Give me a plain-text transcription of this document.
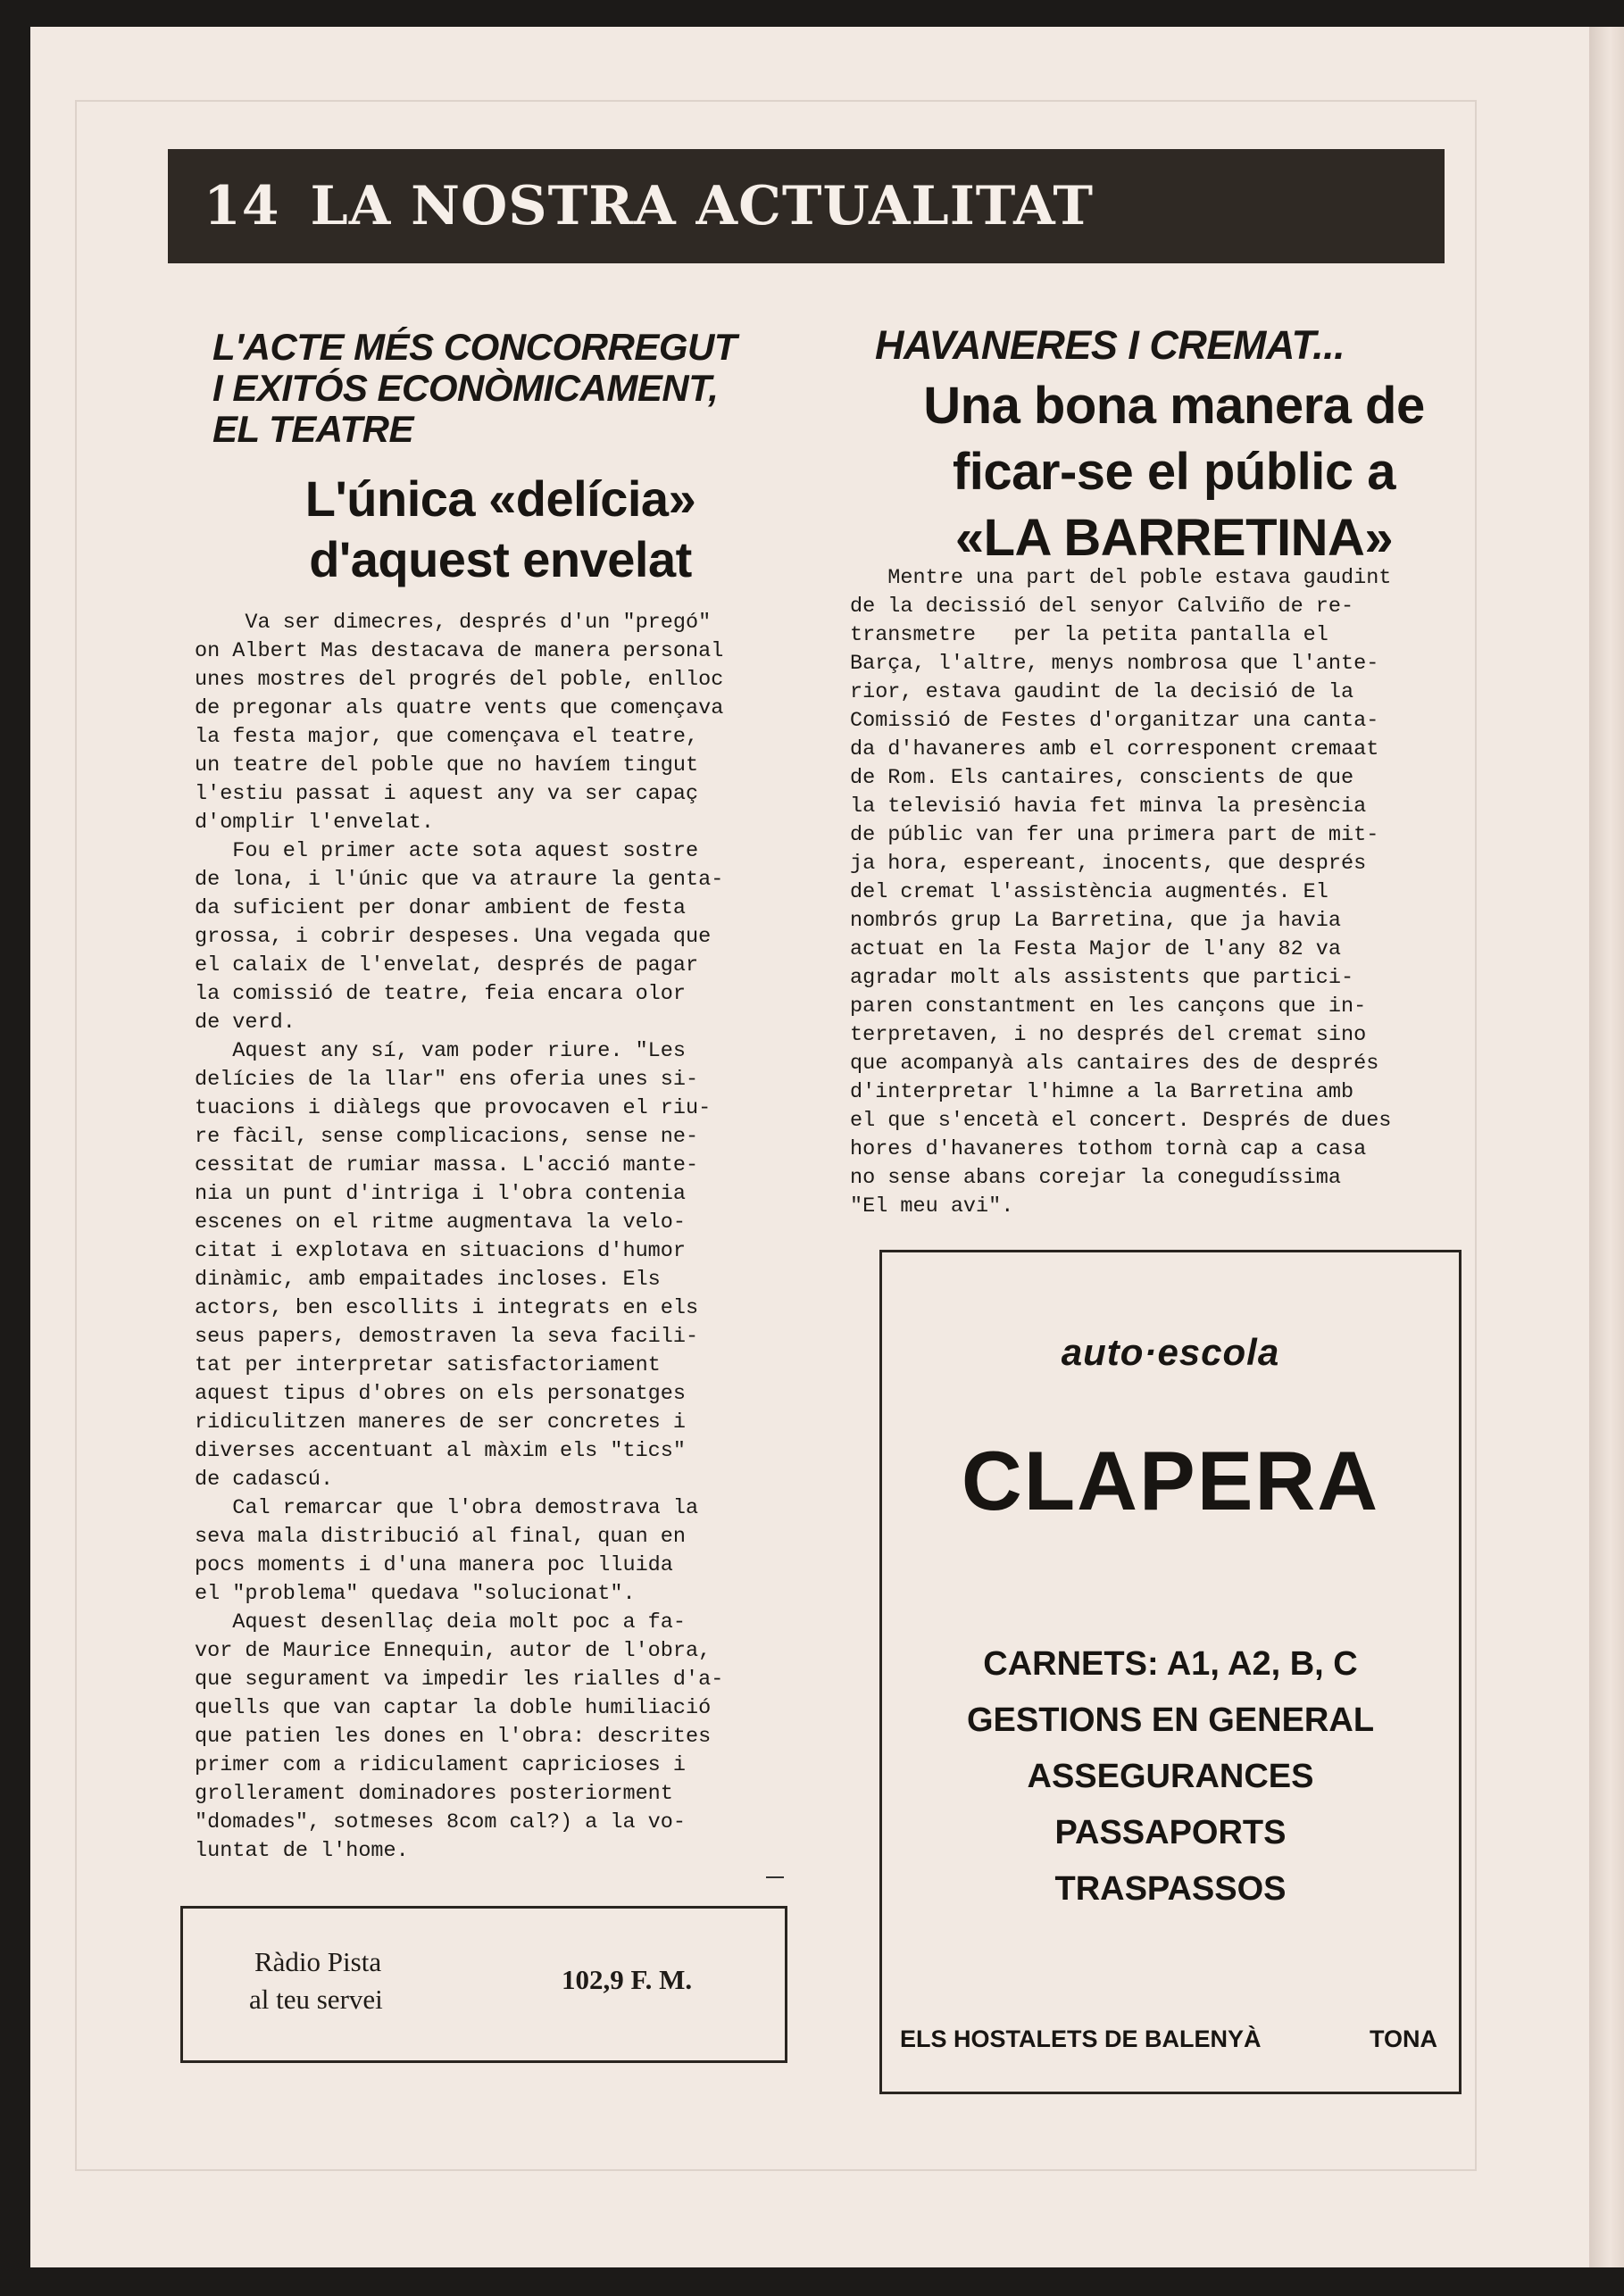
14 LA NOSTRA ACTUALITAT
L'ACTE MÉS CONCORREGUT
I EXITÓS ECONÒMICAMENT,
EL TEATRE
L'única «delícia»
d'aquest envelat
Va ser dimecres, després d'un "pregó"
on Albert Mas destacava de manera personal
unes mostres del progrés del poble, enlloc
de pregonar als quatre vents que començava
la festa major, que començava el teatre,
un teatre del poble que no havíem tingut
l'estiu passat i aquest any va ser capaç
d'omplir l'envelat.
Fou el primer acte sota aquest sostre
de lona, i l'únic que va atraure la genta-
da suficient per donar ambient de festa
grossa, i cobrir despeses. Una vegada que
el calaix de l'envelat, després de pagar
la comissió de teatre, feia encara olor
de verd.
Aquest any sí, vam poder riure. "Les
delícies de la llar" ens oferia unes si-
tuacions i diàlegs que provocaven el riu-
re fàcil, sense complicacions, sense ne-
cessitat de rumiar massa. L'acció mante-
nia un punt d'intriga i l'obra contenia
escenes on el ritme augmentava la velo-
citat i explotava en situacions d'humor
dinàmic, amb empaitades incloses. Els
actors, ben escollits i integrats en els
seus papers, demostraven la seva facili-
tat per interpretar satisfactoriament
aquest tipus d'obres on els personatges
ridiculitzen maneres de ser concretes i
diverses accentuant al màxim els "tics"
de cadascú.
Cal remarcar que l'obra demostrava la
seva mala distribució al final, quan en
pocs moments i d'una manera poc lluida
el "problema" quedava "solucionat".
Aquest desenllaç deia molt poc a fa-
vor de Maurice Ennequin, autor de l'obra,
que segurament va impedir les rialles d'a-
quells que van captar la doble humiliació
que patien les dones en l'obra: descrites
primer com a ridiculament capricioses i
grollerament dominadores posteriorment
"domades", sotmeses 8com cal?) a la vo-
luntat de l'home.
Ràdio Pista
al teu servei
102,9 F. M.
HAVANERES I CREMAT...
Una bona manera de
ficar-se el públic a
«LA BARRETINA»
Mentre una part del poble estava gaudint
de la decissió del senyor Calviño de re-
transmetre   per la petita pantalla el
Barça, l'altre, menys nombrosa que l'ante-
rior, estava gaudint de la decisió de la
Comissió de Festes d'organitzar una canta-
da d'havaneres amb el corresponent cremaat
de Rom. Els cantaires, conscients de que
la televisió havia fet minva la presència
de públic van fer una primera part de mit-
ja hora, espereant, inocents, que després
del cremat l'assistència augmentés. El
nombrós grup La Barretina, que ja havia
actuat en la Festa Major de l'any 82 va
agradar molt als assistents que partici-
paren constantment en les cançons que in-
terpretaven, i no després del cremat sino
que acompanyà als cantaires des de després
d'interpretar l'himne a la Barretina amb
el que s'encetà el concert. Després de dues
hores d'havaneres tothom tornà cap a casa
no sense abans corejar la conegudíssima
"El meu avi".
auto·escola
CLAPERA
CARNETS: A1, A2, B, C
GESTIONS EN GENERAL
ASSEGURANCES
PASSAPORTS
TRASPASSOS
ELS HOSTALETS DE BALENYÀ	TONA
